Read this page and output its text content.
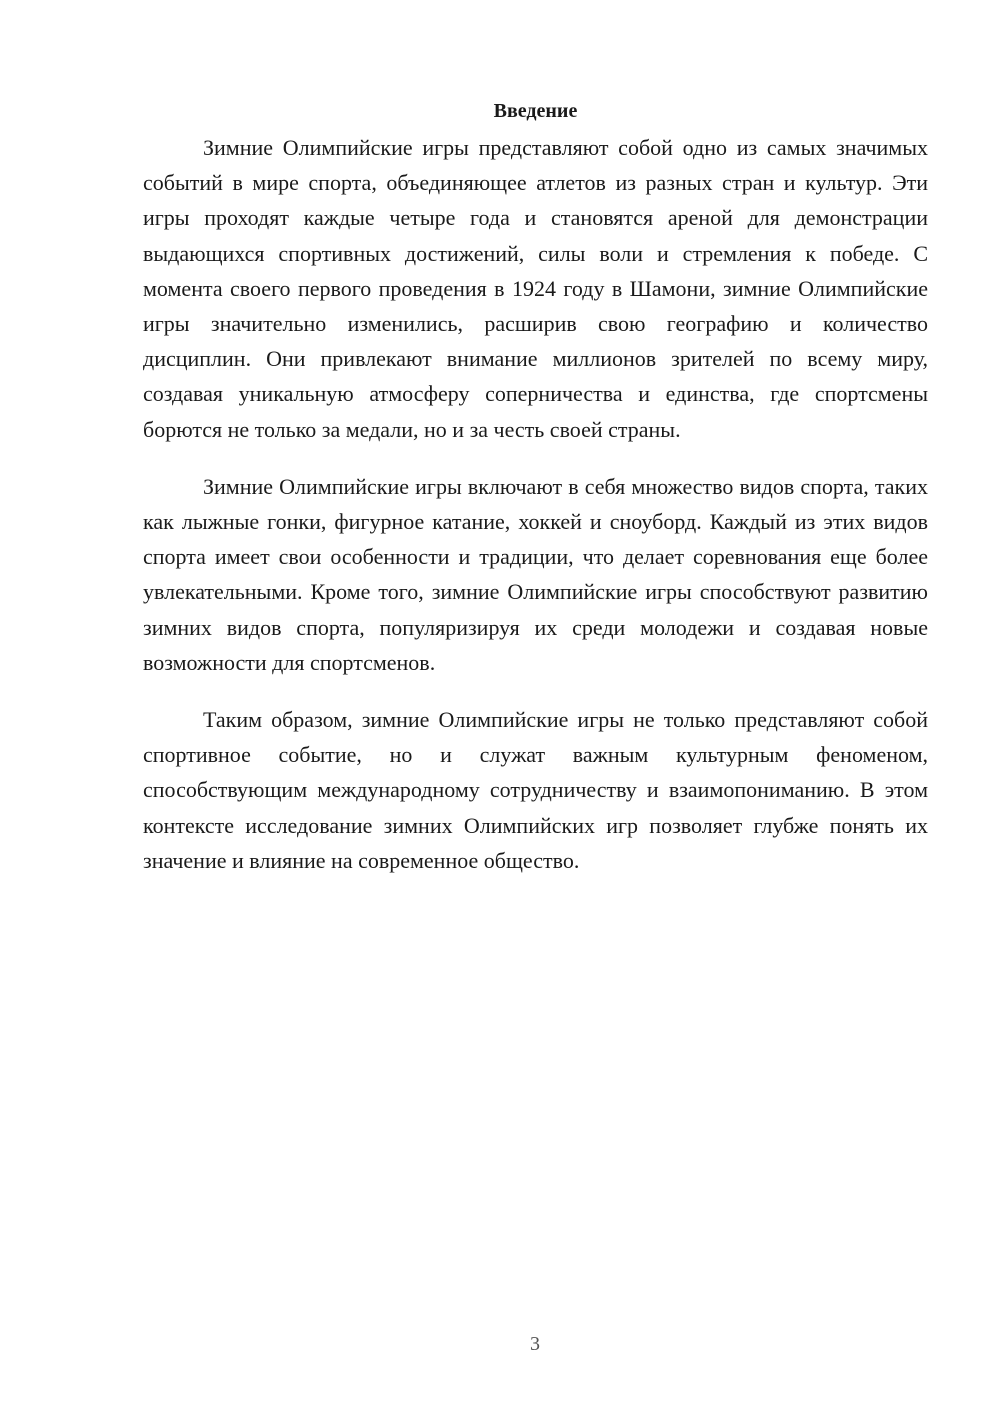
Введение

Зимние Олимпийские игры представляют собой одно из самых значимых событий в мире спорта, объединяющее атлетов из разных стран и культур. Эти игры проходят каждые четыре года и становятся ареной для демонстрации выдающихся спортивных достижений, силы воли и стремления к победе. С момента своего первого проведения в 1924 году в Шамони, зимние Олимпийские игры значительно изменились, расширив свою географию и количество дисциплин. Они привлекают внимание миллионов зрителей по всему миру, создавая уникальную атмосферу соперничества и единства, где спортсмены борются не только за медали, но и за честь своей страны.

Зимние Олимпийские игры включают в себя множество видов спорта, таких как лыжные гонки, фигурное катание, хоккей и сноуборд. Каждый из этих видов спорта имеет свои особенности и традиции, что делает соревнования еще более увлекательными. Кроме того, зимние Олимпийские игры способствуют развитию зимних видов спорта, популяризируя их среди молодежи и создавая новые возможности для спортсменов.

Таким образом, зимние Олимпийские игры не только представляют собой спортивное событие, но и служат важным культурным феноменом, способствующим международному сотрудничеству и взаимопониманию. В этом контексте исследование зимних Олимпийских игр позволяет глубже понять их значение и влияние на современное общество.

3
